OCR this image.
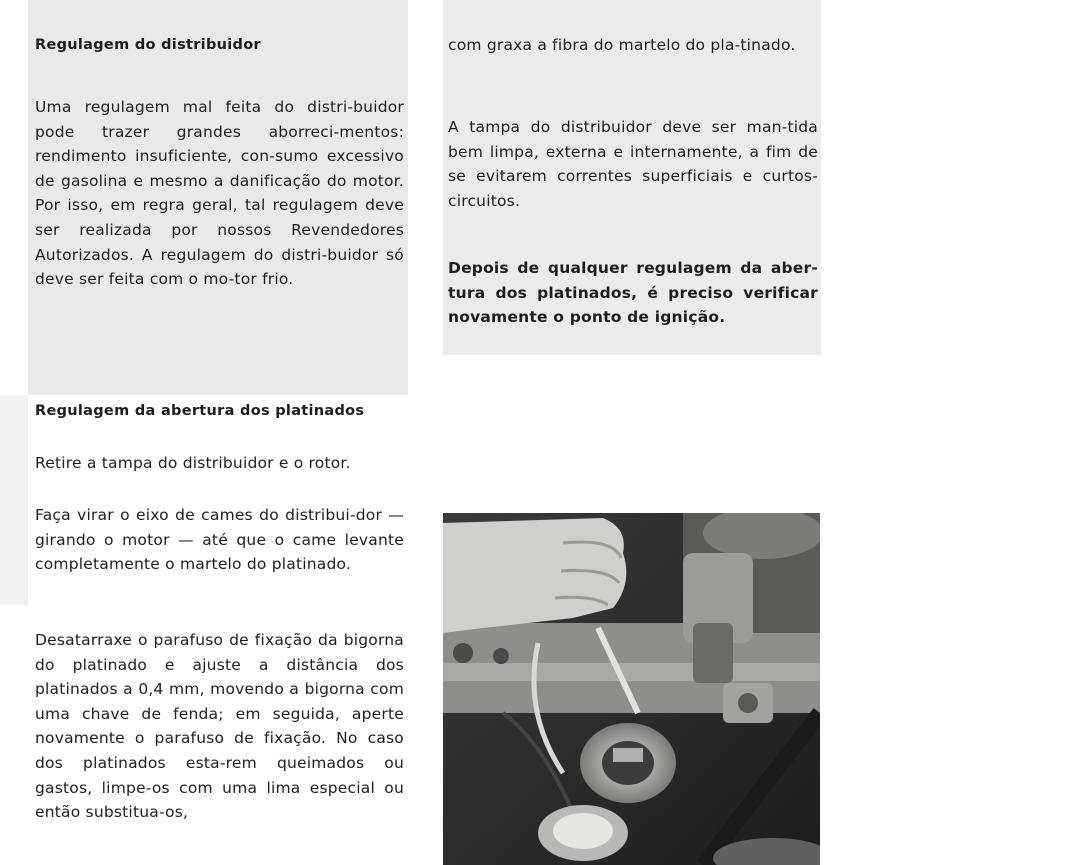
Regulagem do distribuidor

Uma regulagem mal feita do distri-buidor pode trazer grandes aborreci-mentos: rendimento insuficiente, con-sumo excessivo de gasolina e mesmo a danificação do motor. Por isso, em regra geral, tal regulagem deve ser realizada por nossos Revendedores Autorizados. A regulagem do distri-buidor só deve ser feita com o mo-tor frio.

Regulagem da abertura dos platinados

Retire a tampa do distribuidor e o rotor.

Faça virar o eixo de cames do distribui-dor — girando o motor — até que o came levante completamente o martelo do platinado.

Desatarraxe o parafuso de fixação da bigorna do platinado e ajuste a distância dos platinados a 0,4 mm, movendo a bigorna com uma chave de fenda; em seguida, aperte novamente o parafuso de fixação. No caso dos platinados esta-rem queimados ou gastos, limpe-os com uma lima especial ou então substitua-os,

com graxa a fibra do martelo do pla-tinado.

A tampa do distribuidor deve ser man-tida bem limpa, externa e internamente, a fim de se evitarem correntes superficiais e curtos-circuitos.

Depois de qualquer regulagem da aber-tura dos platinados, é preciso verificar novamente o ponto de ignição.
